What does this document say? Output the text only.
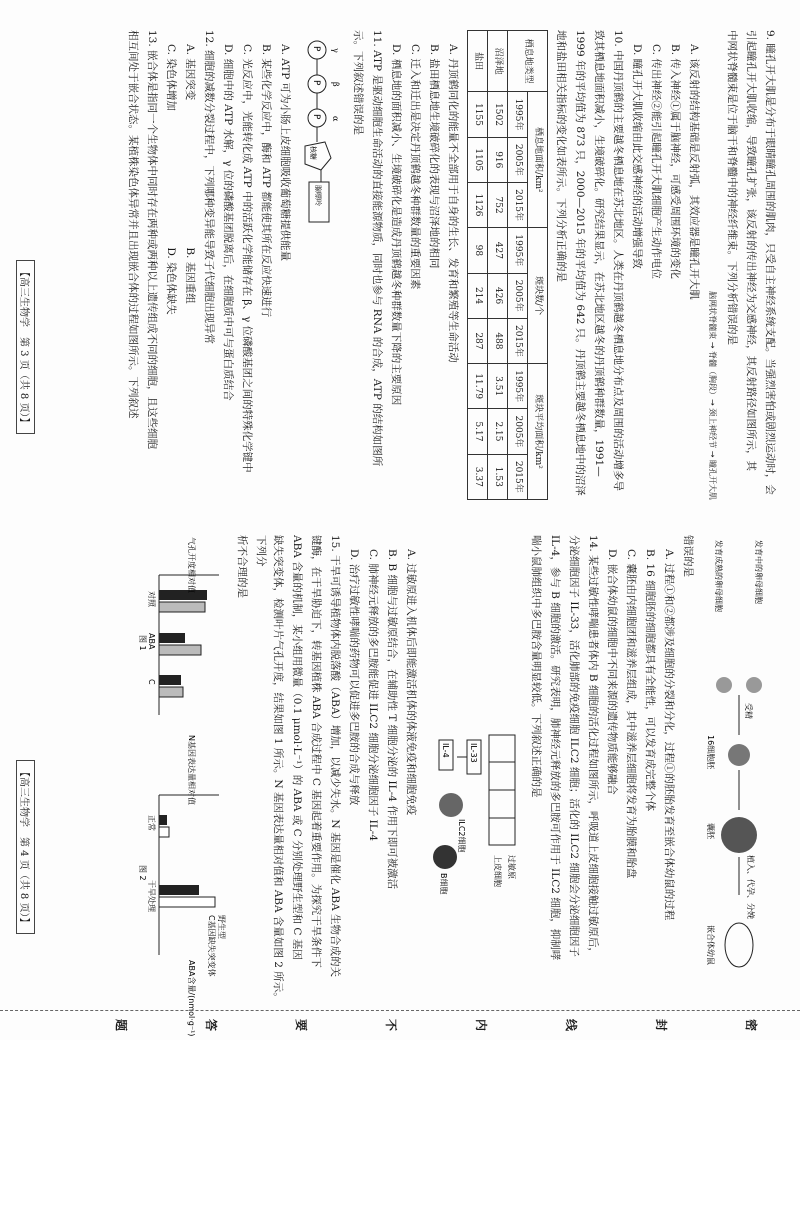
9. 瞳孔开大肌是分布于眼睛瞳孔周围的肌肉，只受自主神经系统支配。当强烈害怕或剧烈运动时，会

引起瞳孔开大肌收缩，导致瞳孔扩张，该反射的传出神经为交感神经，其反射路径如图所示，其

中网状脊髓束是位于脑干和脊髓中的神经纤维束。下列分析错误的是

脑网状脊髓束 → 脊髓（胸段）→ 颈上神经节 → 瞳孔开大肌

A. 该反射的结构基础是反射弧，其效应器是瞳孔开大肌

B. 传入神经①属于脑神经，可感受周围环境的变化

C. 传出神经②能引起瞳孔开大肌细胞产生动作电位

D. 瞳孔开大肌收缩由此交感神经的活动增强导致

10. 中国丹顶鹤的主要越冬栖息地在苏北地区。人类在丹顶鹤越冬栖息地分布点及周围的活动增多导

致其栖息地面积减小，生境破碎化。研究结果显示，在苏北地区越冬的丹顶鹤种群数量，1991—

1999 年的平均值为 873 只，2000—2015 年的平均值为 642 只。丹顶鹤主要越冬栖息地中的沼泽

地和盐田相关指标的变化如表所示。下列分析正确的是

栖息地类型	栖息地面积/km²			斑块数/个			斑块平均面积/km²		
	1995年	2005年	2015年	1995年	2005年	2015年	1995年	2005年	2015年
沼泽地	1502	916	752	427	426	488	3.51	2.15	1.53
盐田	1155	1105	1126	98	214	287	11.79	5.17	3.37

A. 丹顶鹤同化的能量不全部用于自身的生长、发育和繁殖等生命活动

B. 盐田栖息地生境破碎化的表现与沼泽地的相同

C. 迁入和迁出是决定丹顶鹤越冬种群数量的重要因素

D. 栖息地的面积减小、生境破碎化是造成丹顶鹤越冬种群数量下降的主要原因

11. ATP 是驱动细胞生命活动的直接能源物质，同时也参与 RNA 的合成，ATP 的结构如图所

示。下列叙述错误的是

P
P
P
γ
β
α
核糖
腺嘌呤

A. ATP 可为小肠上皮细胞吸收葡萄糖提供能量

B. 某些化学反应中，酶和 ATP 都能使其所在反应快速进行

C. 光反应中，光能转化成 ATP 中的活跃化学能储存在 β、γ 位磷酸基团之间的特殊化学键中

D. 细胞中的 ATP 水解，γ 位的磷酸基团脱离后，在细胞质中可与蛋白质结合

12. 细胞的减数分裂过程中，下列哪种变异能导致子代细胞出现异常

A. 基因突变 B. 基因重组

C. 染色体增加 D. 染色体缺失

13. 嵌合体是指同一个生物体中同时存在两种或两种以上遗传组成不同的细胞，且这些细胞

相互间处于嵌合状态。某植株染色体异常并且出现嵌合体的过程如图所示。下列叙述

【高三生物学　第 3 页（共 8 页）】
发育中的卵母细胞
发育成熟的卵母细胞
受精
16细胞胚
囊胚
植入、代孕、分娩
嵌合体幼鼠

错误的是

A. 过程①和②都涉及细胞的分裂和分化，过程①的胚胎发育至嵌合体幼鼠的过程

B. 16 细胞胚的细胞都具有全能性，可以发育成完整个体

C. 囊胚由内细胞团和滋养层组成，其中滋养层细胞将发育为胎膜和胎盘

D. 嵌合体幼鼠的细胞中不同来源的遗传物质能够融合

14. 某些过敏性哮喘患者体内 B 细胞的活化过程如图所示，呼吸道上皮细胞接触过敏原后，

分泌细胞因子 IL-33，活化肺部的免疫细胞 ILC2 细胞；活化的 ILC2 细胞会分泌细胞因子

IL-4，参与 B 细胞的激活。研究表明，肺神经元释放的多巴胺可作用于 ILC2 细胞，抑制哮

喘小鼠肺组织中多巴胺含量明显较低。下列叙述正确的是

过敏原
上皮细胞
IL-33
IL-4
ILC2细胞
B细胞

A. 过敏原进入机体后即能激活机体的体液免疫和细胞免疫

B. B 细胞与过敏原结合，在辅助性 T 细胞分泌的 IL-4 作用下即可被激活

C. 肺神经元释放的多巴胺能促进 ILC2 细胞分泌细胞因子 IL-4

D. 治疗过敏性哮喘的药物可以促进多巴胺的合成与释放

15. 干旱可诱导植物体内脱落酸（ABA）增加，以减少失水。N 基因是催化 ABA 生物合成的关

键酶，在干旱胁迫下，转基因植株 ABA 合成过程中 C 基因起着重要作用。为探究干旱条件下

ABA 含量的机制，某小组用微量（0.1 μmol·L⁻¹）的 ABA 或 C 分别处理野生型和 C 基因

缺失突变体，检测叶片气孔开度，结果如图 1 所示。N 基因表达量相对值和 ABA 含量如图 2 所示。下列分

析不合理的是

气孔开度相对值
对照
ABA
C
图 1
N基因表达量相对值
正常
干旱处理
野生型
C基因缺失突变体
ABA含量/(nmol·g⁻¹)
图 2
【高三生物学　第 4 页（共 8 页）】
密
封
线
内
不
要
答
题
